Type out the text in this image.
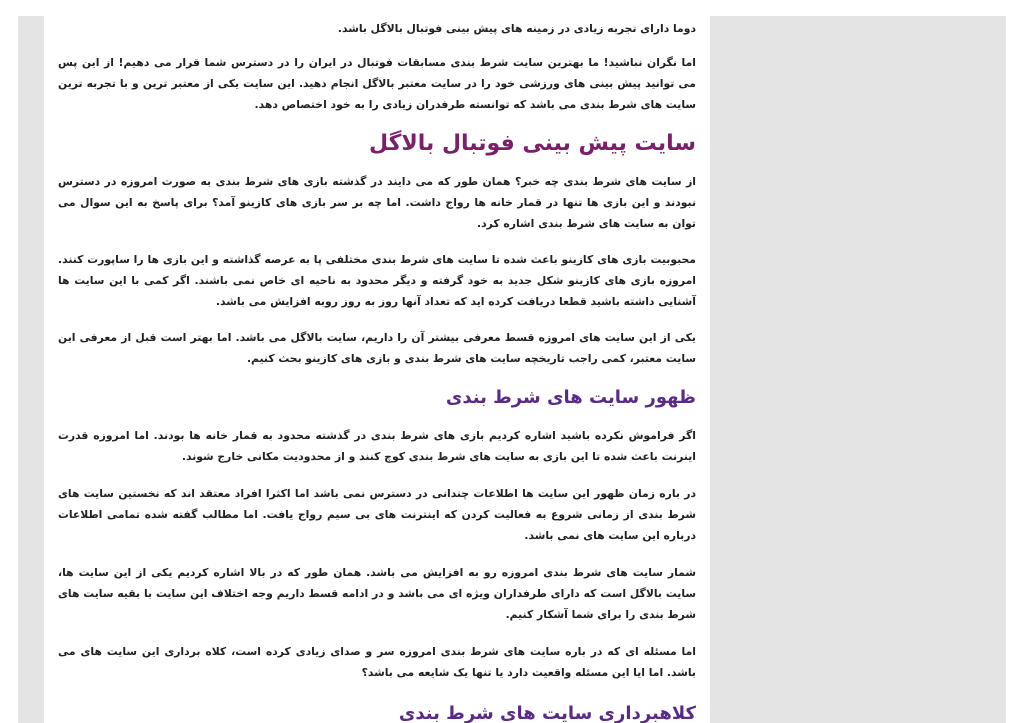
دوما دارای تجربه زیادی در زمینه های پیش بینی فوتبال بالاگل باشد.

اما نگران نباشید! ما بهترین سایت شرط بندی مسابقات فوتبال در ایران را در دسترس شما قرار می دهیم! از این پس می توانید پیش بینی های ورزشی خود را در سایت معتبر بالاگل انجام دهید. این سایت یکی از معتبر ترین و با تجربه ترین سایت های شرط بندی می باشد که توانسته طرفدران زیادی را به خود اختصاص دهد.

سایت پیش بینی فوتبال بالاگل

از سایت های شرط بندی چه خبر؟ همان طور که می دایند در گذشته بازی های شرط بندی به صورت امروزه در دسترس نبودند و این بازی ها تنها در قمار خانه ها رواج داشت. اما چه بر سر بازی های کازینو آمد؟ برای پاسخ به این سوال می توان به سایت های شرط بندی اشاره کرد.

محبوبیت بازی های کازینو باعث شده تا سایت های شرط بندی مختلفی پا به عرصه گذاشته و این بازی ها را ساپورت کنند. امروزه بازی های کازینو شکل جدید به خود گرفته و دیگر محدود به ناحیه ای خاص نمی باشند. اگر کمی با این سایت ها آشنایی داشته باشید قطعا دریافت کرده اید که تعداد آنها روز به روز روبه افزایش می باشد.

یکی از این سایت های امروزه قسط معرفی بیشتر آن را داریم، سایت بالاگل می باشد. اما بهتر است قبل از معرفی این سایت معتبر، کمی راجب تاریخچه سایت های شرط بندی و بازی های کازینو بحث کنیم.

ظهور سایت های شرط بندی

اگر فراموش نکرده باشید اشاره کردیم بازی های شرط بندی در گذشته محدود به قمار خانه ها بودند. اما امروزه قدرت اینرنت باعث شده تا این بازی به سایت های شرط بندی کوچ کنند و از محدودیت مکانی خارج شوند.

در باره زمان ظهور این سایت ها اطلاعات چندانی در دسترس نمی باشد اما اکثرا افراد معتقد اند که نخستین سایت های شرط بندی از زمانی شروع به فعالیت کردن که اینترنت های بی سیم رواج یافت. اما مطالب گفته شده تمامی اطلاعات درباره این سایت های نمی باشد.

شمار سایت های شرط بندی امروزه رو به افزایش می باشد. همان طور که در بالا اشاره کردیم یکی از این سایت ها، سایت بالاگل است که دارای طرفداران ویژه ای می باشد و در ادامه قسط داریم وجه اختلاف این سایت با بقیه سایت های شرط بندی را برای شما آشکار کنیم.

اما مسئله ای که در باره سایت های شرط بندی امروزه سر و صدای زیادی کرده است، کلاه برداری این سایت های می باشد. اما ایا این مسئله واقعیت دارد یا تنها یک شایعه می باشد؟

کلاهبرداری سایت های شرط بندی
